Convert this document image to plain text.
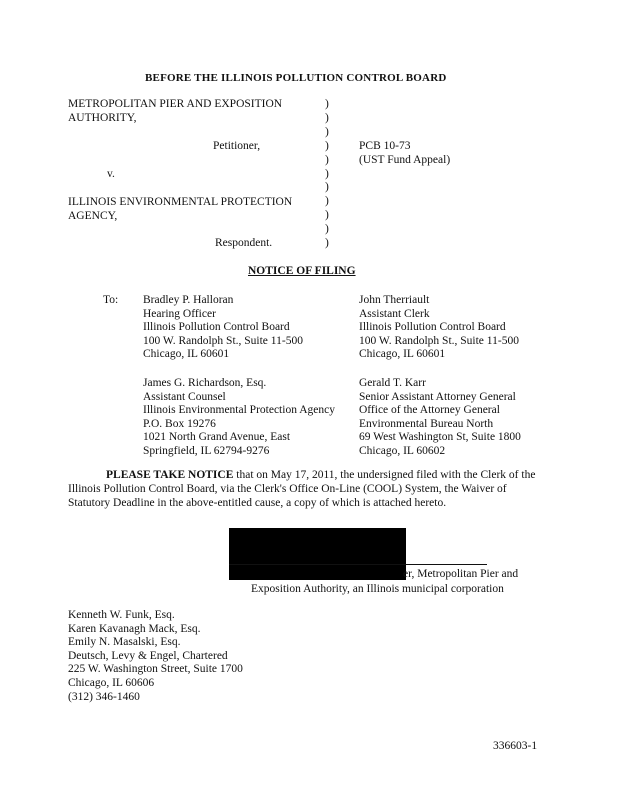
BEFORE THE ILLINOIS POLLUTION CONTROL BOARD
METROPOLITAN PIER AND EXPOSITION
AUTHORITY,
Petitioner,
v.
ILLINOIS ENVIRONMENTAL PROTECTION
AGENCY,
Respondent.
)
)
)
)
)
)
)
)
)
)
)
PCB 10-73
(UST Fund Appeal)
NOTICE OF FILING
To: Bradley P. Halloran
Hearing Officer
Illinois Pollution Control Board
100 W. Randolph St., Suite 11-500
Chicago, IL 60601
John Therriault
Assistant Clerk
Illinois Pollution Control Board
100 W. Randolph St., Suite 11-500
Chicago, IL 60601
James G. Richardson, Esq.
Assistant Counsel
Illinois Environmental Protection Agency
P.O. Box 19276
1021 North Grand Avenue, East
Springfield, IL 62794-9276
Gerald T. Karr
Senior Assistant Attorney General
Office of the Attorney General
Environmental Bureau North
69 West Washington St, Suite 1800
Chicago, IL 60602
PLEASE TAKE NOTICE that on May 17, 2011, the undersigned filed with the Clerk of the Illinois Pollution Control Board, via the Clerk's Office On-Line (COOL) System, the Waiver of Statutory Deadline in the above-entitled cause, a copy of which is attached hereto.
er, Metropolitan Pier and
Exposition Authority, an Illinois municipal corporation
Kenneth W. Funk, Esq.
Karen Kavanagh Mack, Esq.
Emily N. Masalski, Esq.
Deutsch, Levy & Engel, Chartered
225 W. Washington Street, Suite 1700
Chicago, IL 60606
(312) 346-1460
336603-1
